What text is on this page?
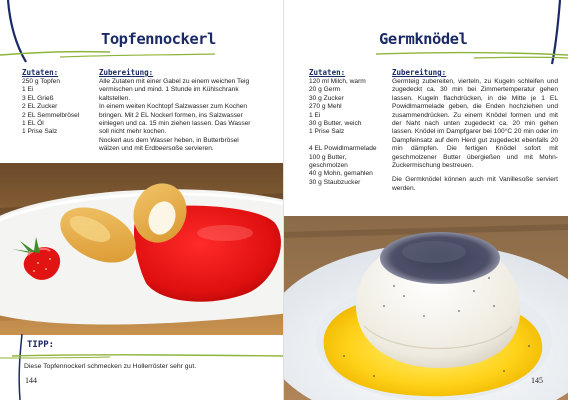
Topfennockerl
Zutaten:
250 g Topfen
1 Ei
3 EL Grieß
2 EL Zucker
2 EL Semmelbrösel
1 EL Öl
1 Prise Salz
Zubereitung:
Alle Zutaten mit einer Gabel zu einem weichen Teig
vermischen und mind. 1 Stunde im Kühlschrank
kaltstellen.
In einem weiten Kochtopf Salzwasser zum Kochen
bringen. Mit 2 EL Nockerl formen, ins Salzwasser
einlegen und ca. 15 min ziehen lassen. Das Wasser
soll nicht mehr kochen.
Nockerl aus dem Wasser heben, in Butterbrösel
wälzen und mit Erdbeersoße servieren.
TIPP:
Diese Topfennockerl schmecken zu Hollerröster sehr gut.
144
Germknödel
Zutaten:
120 ml Milch, warm
20 g Germ
30 g Zucker
270 g Mehl
1 Ei
30 g Butter, weich
1 Prise Salz
4 EL Powidlmarmelade
100 g Butter,
geschmolzen
40 g Mohn, gemahlen
30 g Staubzucker
Zubereitung:
Germteig zubereiten, vierteln, zu Kugeln schleifen und zugedeckt ca. 30 min bei Zimmertemperatur gehen lassen. Kugeln flachdrücken, in die Mitte je 1 EL Powidlmarmelade geben, die Enden hochziehen und zusammendrücken. Zu einem Knödel formen und mit der Naht nach unten zugedeckt ca. 20 min gehen lassen. Knödel im Dampfgarer bei 100°C 20 min oder im Dampfeinsatz auf dem Herd gut zugedeckt ebenfalls 20 min dämpfen. Die fertigen Knödel sofort mit geschmolzener Butter übergießen und mit Mohn-Zuckermischung bestreuen.
Die Germknödel können auch mit Vanillesoße serviert werden.
145
